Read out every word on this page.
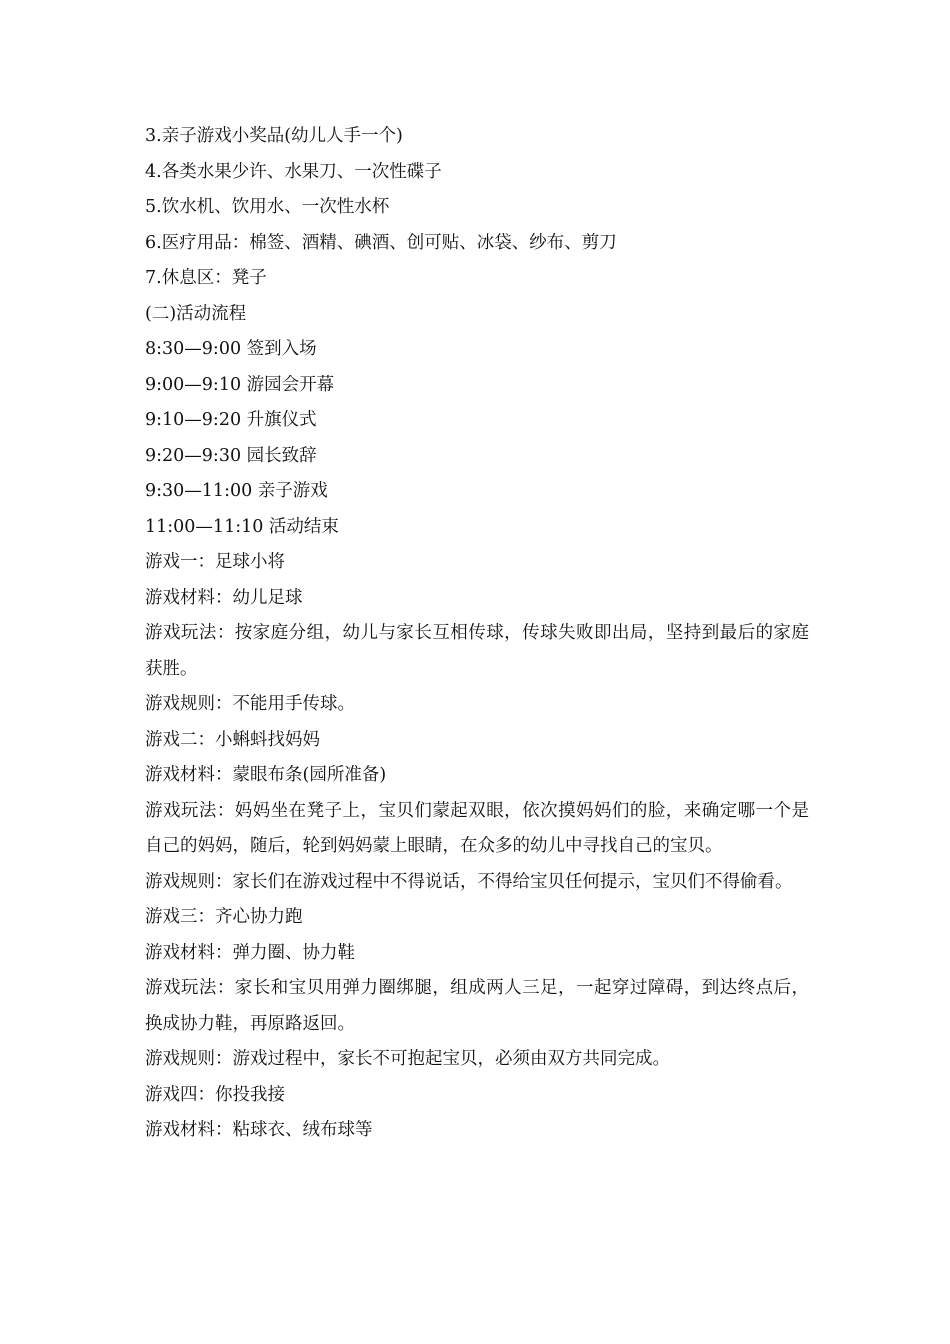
3.亲子游戏小奖品(幼儿人手一个)

4.各类水果少许、水果刀、一次性碟子

5.饮水机、饮用水、一次性水杯

6.医疗用品：棉签、酒精、碘酒、创可贴、冰袋、纱布、剪刀

7.休息区：凳子

(二)活动流程

8:30—9:00 签到入场

9:00—9:10 游园会开幕

9:10—9:20 升旗仪式

9:20—9:30 园长致辞

9:30—11:00 亲子游戏

11:00—11:10 活动结束

游戏一：足球小将

游戏材料：幼儿足球

游戏玩法：按家庭分组，幼儿与家长互相传球，传球失败即出局，坚持到最后的家庭获胜。

游戏规则：不能用手传球。

游戏二：小蝌蚪找妈妈

游戏材料：蒙眼布条(园所准备)

游戏玩法：妈妈坐在凳子上，宝贝们蒙起双眼，依次摸妈妈们的脸，来确定哪一个是自己的妈妈，随后，轮到妈妈蒙上眼睛，在众多的幼儿中寻找自己的宝贝。

游戏规则：家长们在游戏过程中不得说话，不得给宝贝任何提示，宝贝们不得偷看。

游戏三：齐心协力跑

游戏材料：弹力圈、协力鞋

游戏玩法：家长和宝贝用弹力圈绑腿，组成两人三足，一起穿过障碍，到达终点后，换成协力鞋，再原路返回。

游戏规则：游戏过程中，家长不可抱起宝贝，必须由双方共同完成。

游戏四：你投我接

游戏材料：粘球衣、绒布球等
